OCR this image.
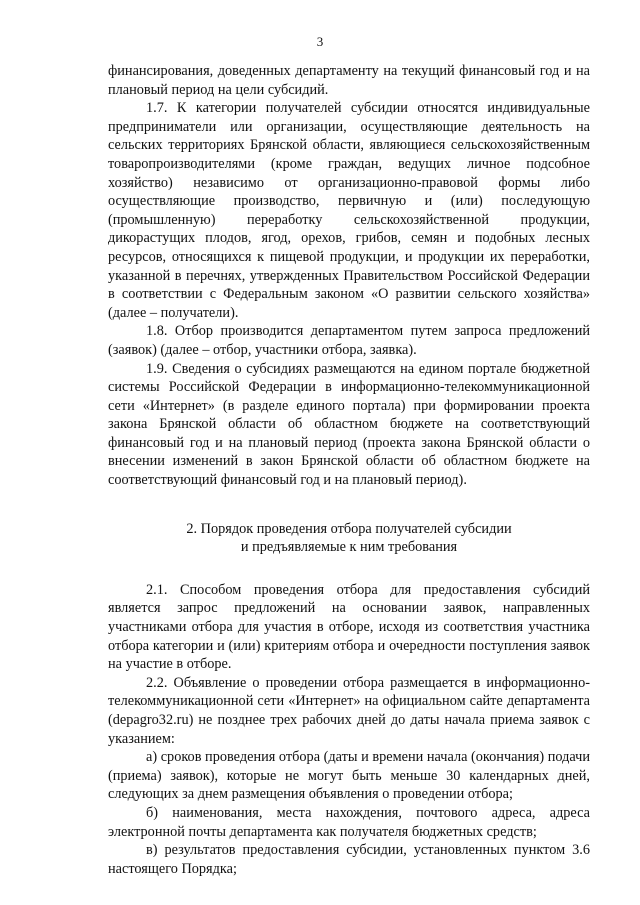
3

финансирования, доведенных департаменту на текущий финансовый год и на плановый период на цели субсидий.

1.7. К категории получателей субсидии относятся индивидуальные предприниматели или организации, осуществляющие деятельность на сельских территориях Брянской области, являющиеся сельскохозяйственным товаропроизводителями (кроме граждан, ведущих личное подсобное хозяйство) независимо от организационно-правовой формы либо осуществляющие производство, первичную и (или) последующую (промышленную) переработку сельскохозяйственной продукции, дикорастущих плодов, ягод, орехов, грибов, семян и подобных лесных ресурсов, относящихся к пищевой продукции, и продукции их переработки, указанной в перечнях, утвержденных Правительством Российской Федерации в соответствии с Федеральным законом «О развитии сельского хозяйства» (далее – получатели).

1.8. Отбор производится департаментом путем запроса предложений (заявок) (далее – отбор, участники отбора, заявка).

1.9. Сведения о субсидиях размещаются на едином портале бюджетной системы Российской Федерации в информационно-телекоммуникационной сети «Интернет» (в разделе единого портала) при формировании проекта закона Брянской области об областном бюджете на соответствующий финансовый год и на плановый период (проекта закона Брянской области о внесении изменений в закон Брянской области об областном бюджете на соответствующий финансовый год и на плановый период).

2. Порядок проведения отбора получателей субсидии
и предъявляемые к ним требования

2.1. Способом проведения отбора для предоставления субсидий является запрос предложений на основании заявок, направленных участниками отбора для участия в отборе, исходя из соответствия участника отбора категории и (или) критериям отбора и очередности поступления заявок на участие в отборе.

2.2. Объявление о проведении отбора размещается в информационно-телекоммуникационной сети «Интернет» на официальном сайте департамента (depagro32.ru) не позднее трех рабочих дней до даты начала приема заявок с указанием:

а) сроков проведения отбора (даты и времени начала (окончания) подачи (приема) заявок), которые не могут быть меньше 30 календарных дней, следующих за днем размещения объявления о проведении отбора;

б) наименования, места нахождения, почтового адреса, адреса электронной почты департамента как получателя бюджетных средств;

в) результатов предоставления субсидии, установленных пунктом 3.6 настоящего Порядка;
